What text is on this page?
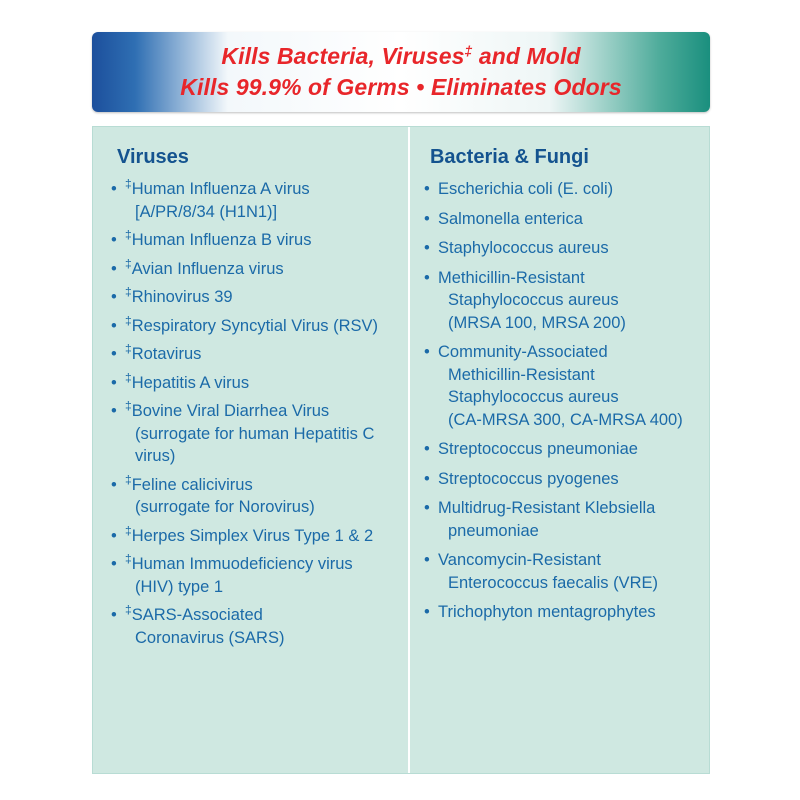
Kills Bacteria, Viruses‡ and Mold
Kills 99.9% of Germs • Eliminates Odors
Viruses
• ‡Human Influenza A virus
[A/PR/8/34 (H1N1)]
• ‡Human Influenza B virus
• ‡Avian Influenza virus
• ‡Rhinovirus 39
• ‡Respiratory Syncytial Virus (RSV)
• ‡Rotavirus
• ‡Hepatitis A virus
• ‡Bovine Viral Diarrhea Virus
(surrogate for human Hepatitis C virus)
• ‡Feline calicivirus
(surrogate for Norovirus)
• ‡Herpes Simplex Virus Type 1 & 2
• ‡Human Immuodeficiency virus
(HIV) type 1
• ‡SARS-Associated
Coronavirus (SARS)
Bacteria & Fungi
• Escherichia coli (E. coli)
• Salmonella enterica
• Staphylococcus aureus
• Methicillin-Resistant
Staphylococcus aureus
(MRSA 100, MRSA 200)
• Community-Associated
Methicillin-Resistant
Staphylococcus aureus
(CA-MRSA 300, CA-MRSA 400)
• Streptococcus pneumoniae
• Streptococcus pyogenes
• Multidrug-Resistant Klebsiella
pneumoniae
• Vancomycin-Resistant
Enterococcus faecalis (VRE)
• Trichophyton mentagrophytes
